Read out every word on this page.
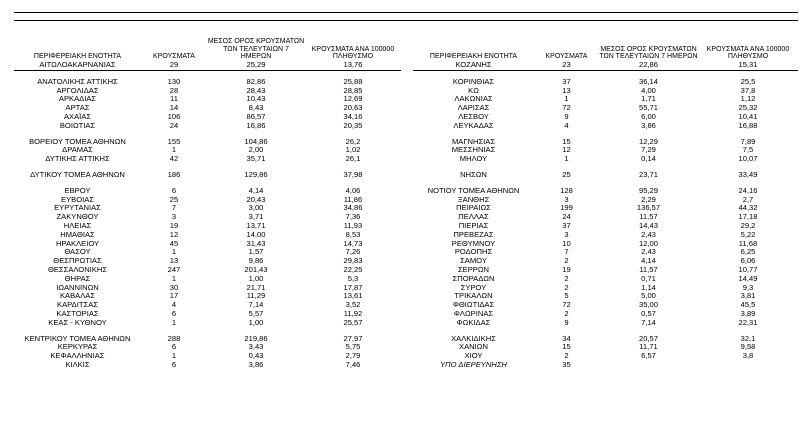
ΠΕΡΙΦΕΡΕΙΑΚΗ ΕΝΟΤΗΤΑ	ΚΡΟΥΣΜΑΤΑ	ΜΕΣΟΣ ΟΡΟΣ ΚΡΟΥΣΜΑΤΩΝ ΤΩΝ ΤΕΛΕΥΤΑΙΩΝ 7 ΗΜΕΡΩΝ	ΚΡΟΥΣΜΑΤΑ ΑΝΑ 100000 ΠΛΗΘΥΣΜΟ
ΑΙΤΩΛΟΑΚΑΡΝΑΝΙΑΣ	29	25,29	13,76

ΑΝΑΤΟΛΙΚΗΣ ΑΤΤΙΚΗΣ	130	82,86	25,88
ΑΡΓΟΛΙΔΑΣ	28	28,43	28,85
ΑΡΚΑΔΙΑΣ	11	10,43	12,69
ΑΡΤΑΣ	14	8,43	20,63
ΑΧΑΪΑΣ	106	86,57	34,16
ΒΟΙΩΤΙΑΣ	24	16,86	20,35

ΒΟΡΕΙΟΥ ΤΟΜΕΑ ΑΘΗΝΩΝ	155	104,86	26,2
ΔΡΑΜΑΣ	1	2,00	1,02
ΔΥΤΙΚΗΣ ΑΤΤΙΚΗΣ	42	35,71	26,1

ΔΥΤΙΚΟΥ ΤΟΜΕΑ ΑΘΗΝΩΝ	186	129,86	37,98

ΕΒΡΟΥ	6	4,14	4,06
ΕΥΒΟΙΑΣ	25	20,43	11,86
ΕΥΡΥΤΑΝΙΑΣ	7	3,00	34,86
ΖΑΚΥΝΘΟΥ	3	3,71	7,36
ΗΛΕΙΑΣ	19	13,71	11,93
ΗΜΑΘΙΑΣ	12	14,00	8,53
ΗΡΑΚΛΕΙΟΥ	45	31,43	14,73
ΘΑΣΟΥ	1	1,57	7,26
ΘΕΣΠΡΩΤΙΑΣ	13	9,86	29,83
ΘΕΣΣΑΛΟΝΙΚΗΣ	247	201,43	22,25
ΘΗΡΑΣ	1	1,00	5,3
ΙΩΑΝΝΙΝΩΝ	30	21,71	17,87
ΚΑΒΑΛΑΣ	17	11,29	13,61
ΚΑΡΔΙΤΣΑΣ	4	7,14	3,52
ΚΑΣΤΟΡΙΑΣ	6	5,57	11,92
ΚΕΑΣ - ΚΥΘΝΟΥ	1	1,00	25,57

ΚΕΝΤΡΙΚΟΥ ΤΟΜΕΑ ΑΘΗΝΩΝ	288	219,86	27,97
ΚΕΡΚΥΡΑΣ	6	3,43	5,75
ΚΕΦΑΛΛΗΝΙΑΣ	1	0,43	2,79
ΚΙΛΚΙΣ	6	3,86	7,46
ΠΕΡΙΦΕΡΕΙΑΚΗ ΕΝΟΤΗΤΑ	ΚΡΟΥΣΜΑΤΑ	ΜΕΣΟΣ ΟΡΟΣ ΚΡΟΥΣΜΑΤΩΝ ΤΩΝ ΤΕΛΕΥΤΑΙΩΝ 7 ΗΜΕΡΩΝ	ΚΡΟΥΣΜΑΤΑ ΑΝΑ 100000 ΠΛΗΘΥΣΜΟ
ΚΟΖΑΝΗΣ	23	22,86	15,31

ΚΟΡΙΝΘΙΑΣ	37	36,14	25,5
ΚΩ	13	4,00	37,8
ΛΑΚΩΝΙΑΣ	1	1,71	1,12
ΛΑΡΙΣΑΣ	72	55,71	25,32
ΛΕΣΒΟΥ	9	6,00	10,41
ΛΕΥΚΑΔΑΣ	4	3,86	16,88

ΜΑΓΝΗΣΙΑΣ	15	12,29	7,89
ΜΕΣΣΗΝΙΑΣ	12	7,29	7,5
ΜΗΛΟΥ	1	0,14	10,07

ΝΗΣΩΝ	25	23,71	33,49

ΝΟΤΙΟΥ ΤΟΜΕΑ ΑΘΗΝΩΝ	128	95,29	24,16
ΞΑΝΘΗΣ	3	2,29	2,7
ΠΕΙΡΑΙΩΣ	199	136,57	44,32
ΠΕΛΛΑΣ	24	11,57	17,18
ΠΙΕΡΙΑΣ	37	14,43	29,2
ΠΡΕΒΕΖΑΣ	3	2,43	5,22
ΡΕΘΥΜΝΟΥ	10	12,00	11,68
ΡΟΔΟΠΗΣ	7	2,43	6,25
ΣΑΜΟΥ	2	4,14	6,06
ΣΕΡΡΩΝ	19	11,57	10,77
ΣΠΟΡΑΔΩΝ	2	0,71	14,49
ΣΥΡΟΥ	2	1,14	9,3
ΤΡΙΚΑΛΩΝ	5	5,00	3,81
ΦΘΙΩΤΙΔΑΣ	72	35,00	45,5
ΦΛΩΡΙΝΑΣ	2	0,57	3,89
ΦΩΚΙΔΑΣ	9	7,14	22,31

ΧΑΛΚΙΔΙΚΗΣ	34	20,57	32,1
ΧΑΝΙΩΝ	15	11,71	9,58
ΧΙΟΥ	2	6,57	3,8
ΥΠΟ ΔΙΕΡΕΥΝΗΣΗ	35		
